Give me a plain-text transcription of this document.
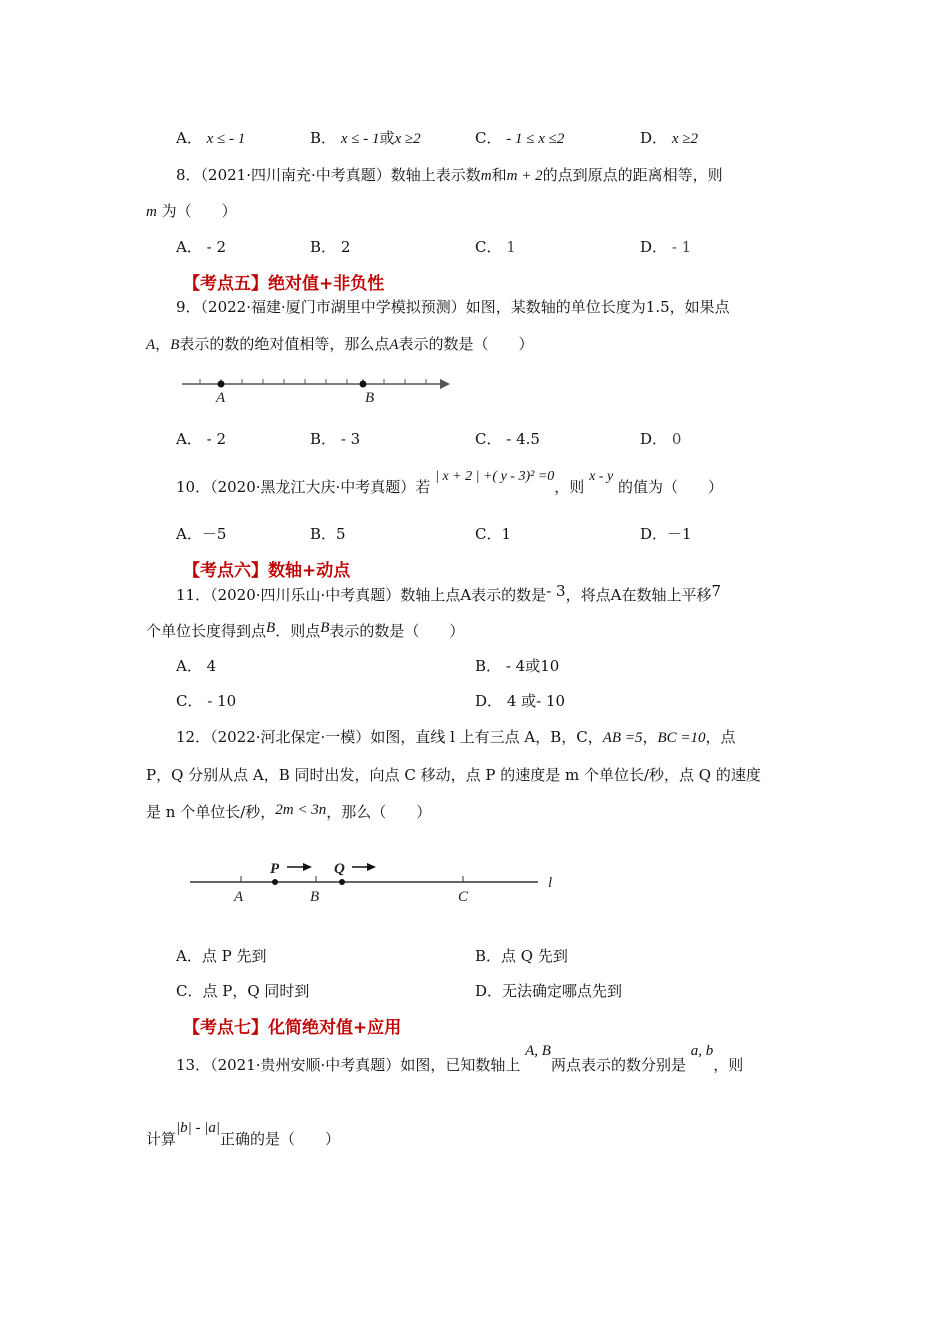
A． x ≤ - 1	B． x ≤ - 1或x ≥2	C． - 1 ≤ x ≤2	D． x ≥2
8．（2021·四川南充·中考真题）数轴上表示数m和m + 2的点到原点的距离相等，则
m 为（　　）
A． - 2	B． 2	C． 1	D． - 1
【考点五】绝对值+非负性
9．（2022·福建·厦门市湖里中学模拟预测）如图，某数轴的单位长度为1.5，如果点
A，B表示的数的绝对值相等，那么点A表示的数是（　　）
A	B
A． - 2	B． - 3	C． - 4.5	D． 0
10．（2020·黑龙江大庆·中考真题）若 | x + 2 | +( y - 3)² =0，则 x - y 的值为（　　）
A．－5	B．5	C．1	D．－1
【考点六】数轴+动点
11．（2020·四川乐山·中考真题）数轴上点A表示的数是- 3，将点A在数轴上平移7
个单位长度得到点B．则点B表示的数是（　　）
A． 4	B． - 4或10
C． - 10	D． 4 或- 10
12．（2022·河北保定·一模）如图，直线 l 上有三点 A，B，C，AB =5，BC =10，点
P，Q 分别从点 A，B 同时出发，向点 C 移动，点 P 的速度是 m 个单位长/秒，点 Q 的速度
是 n 个单位长/秒，2m < 3n，那么（　　）
P	Q
A	B	C
l
A．点 P 先到	B．点 Q 先到
C．点 P，Q 同时到	D．无法确定哪点先到
【考点七】化简绝对值+应用
13．（2021·贵州安顺·中考真题）如图，已知数轴上 A, B两点表示的数分别是 a, b，则
计算|b| - |a|正确的是（　　）
